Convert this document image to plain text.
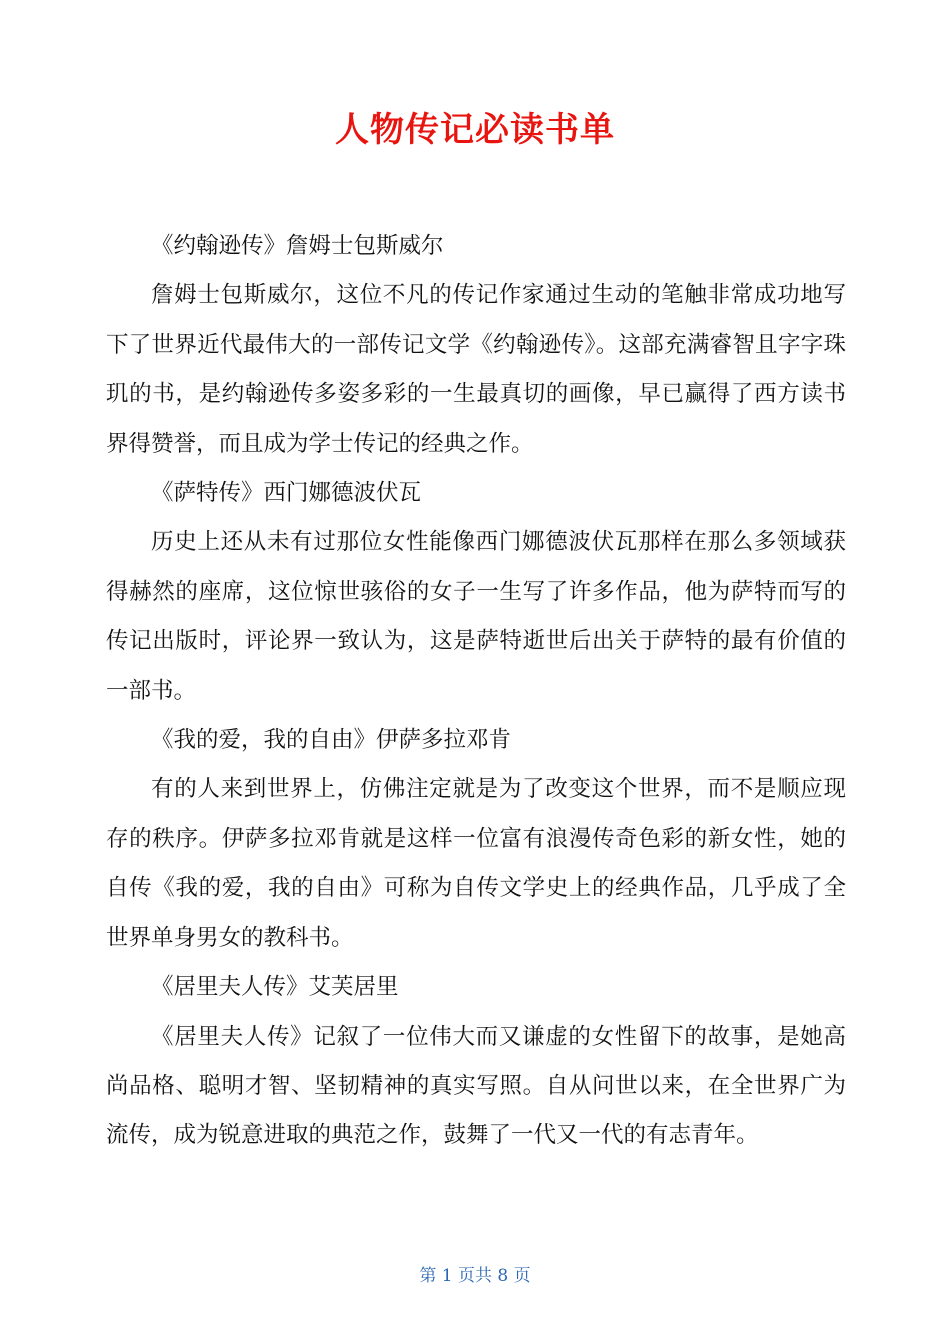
人物传记必读书单

《约翰逊传》詹姆士包斯威尔

詹姆士包斯威尔，这位不凡的传记作家通过生动的笔触非常成功地写下了世界近代最伟大的一部传记文学《约翰逊传》。这部充满睿智且字字珠玑的书，是约翰逊传多姿多彩的一生最真切的画像，早已赢得了西方读书界得赞誉，而且成为学士传记的经典之作。

《萨特传》西门娜德波伏瓦

历史上还从未有过那位女性能像西门娜德波伏瓦那样在那么多领域获得赫然的座席，这位惊世骇俗的女子一生写了许多作品，他为萨特而写的传记出版时，评论界一致认为，这是萨特逝世后出关于萨特的最有价值的一部书。

《我的爱，我的自由》伊萨多拉邓肯

有的人来到世界上，仿佛注定就是为了改变这个世界，而不是顺应现存的秩序。伊萨多拉邓肯就是这样一位富有浪漫传奇色彩的新女性，她的自传《我的爱，我的自由》可称为自传文学史上的经典作品，几乎成了全世界单身男女的教科书。

《居里夫人传》艾芙居里

《居里夫人传》记叙了一位伟大而又谦虚的女性留下的故事，是她高尚品格、聪明才智、坚韧精神的真实写照。自从问世以来，在全世界广为流传，成为锐意进取的典范之作，鼓舞了一代又一代的有志青年。

第 1 页共 8 页
